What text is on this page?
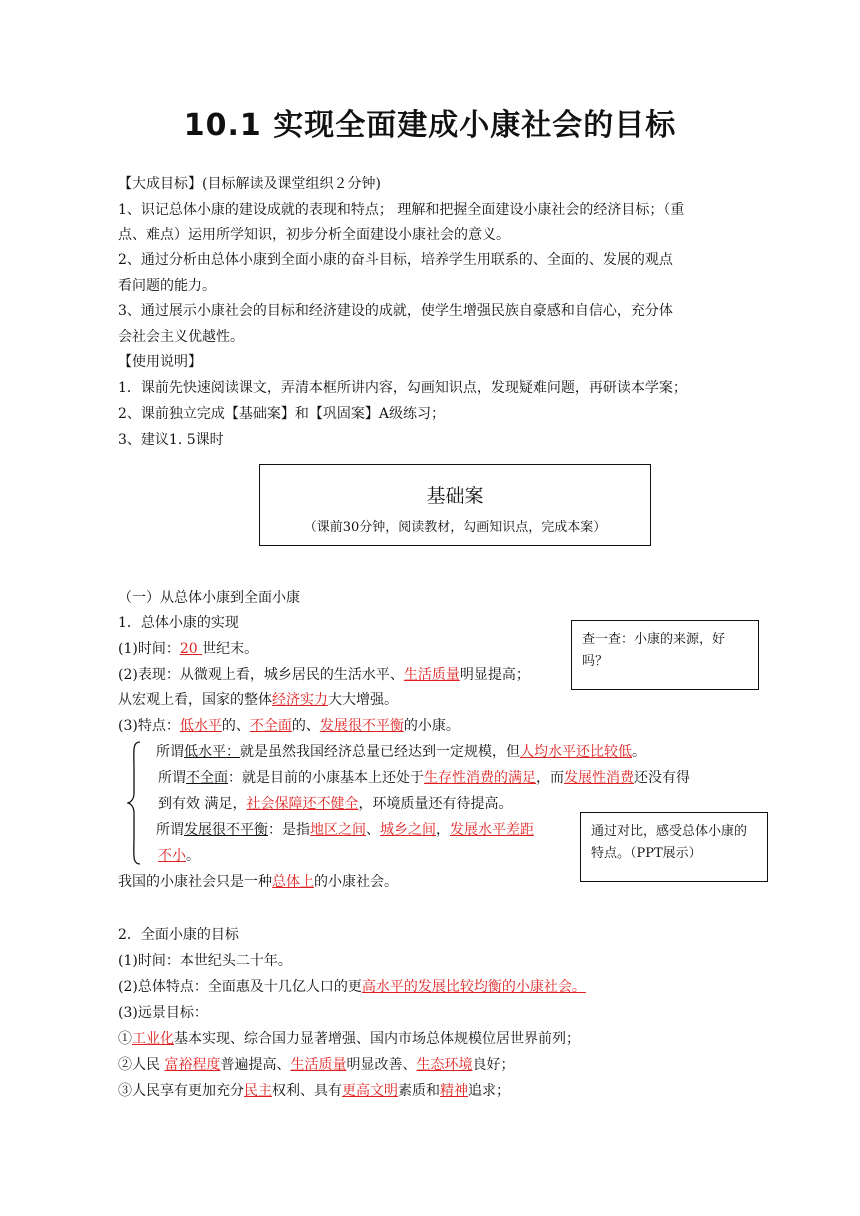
10.1 实现全面建成小康社会的目标
【大成目标】(目标解读及课堂组织２分钟)
1、识记总体小康的建设成就的表现和特点； 理解和把握全面建设小康社会的经济目标；（重
点、难点）运用所学知识，初步分析全面建设小康社会的意义。
2、通过分析由总体小康到全面小康的奋斗目标，培养学生用联系的、全面的、发展的观点
看问题的能力。
3、通过展示小康社会的目标和经济建设的成就，使学生增强民族自豪感和自信心，充分体
会社会主义优越性。
【使用说明】
1．课前先快速阅读课文，弄清本框所讲内容，勾画知识点，发现疑难问题，再研读本学案；
2、课前独立完成【基础案】和【巩固案】A级练习；
3、建议1. 5课时
基础案
（课前30分钟，阅读教材，勾画知识点，完成本案）
（一）从总体小康到全面小康
1．总体小康的实现
(1)时间：20 世纪末。
(2)表现：从微观上看，城乡居民的生活水平、生活质量明显提高；
从宏观上看，国家的整体经济实力大大增强。
(3)特点：低水平的、不全面的、发展很不平衡的小康。
所谓低水平：就是虽然我国经济总量已经达到一定规模，但人均水平还比较低。
所谓不全面：就是目前的小康基本上还处于生存性消费的满足，而发展性消费还没有得
到有效 满足，社会保障还不健全，环境质量还有待提高。
所谓发展很不平衡：是指地区之间、城乡之间，发展水平差距
不小。
我国的小康社会只是一种总体上的小康社会。
2．全面小康的目标
(1)时间：本世纪头二十年。
(2)总体特点：全面惠及十几亿人口的更高水平的发展比较均衡的小康社会。
(3)远景目标：
①工业化基本实现、综合国力显著增强、国内市场总体规模位居世界前列；
②人民 富裕程度普遍提高、生活质量明显改善、生态环境良好；
③人民享有更加充分民主权利、具有更高文明素质和精神追求；
查一查：小康的来源，好吗？
通过对比，感受总体小康的特点。（PPT展示）
